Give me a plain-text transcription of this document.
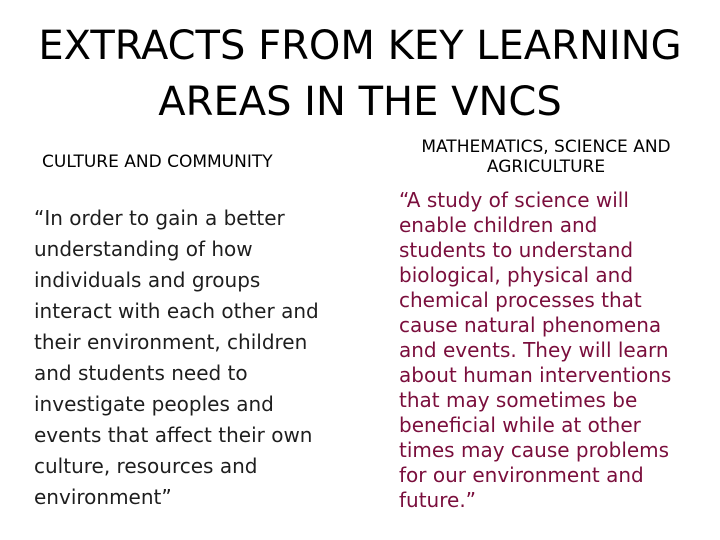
EXTRACTS FROM KEY LEARNING
AREAS IN THE VNCS
CULTURE AND COMMUNITY
MATHEMATICS, SCIENCE AND
AGRICULTURE
“In order to gain a better
understanding of how
individuals and groups
interact with each other and
their environment, children
and students need to
investigate peoples and
events that affect their own
culture, resources and
environment”
“A study of science will
enable children and
students to understand
biological, physical and
chemical processes that
cause natural phenomena
and events. They will learn
about human interventions
that may sometimes be
beneficial while at other
times may cause problems
for our environment and
future.”
